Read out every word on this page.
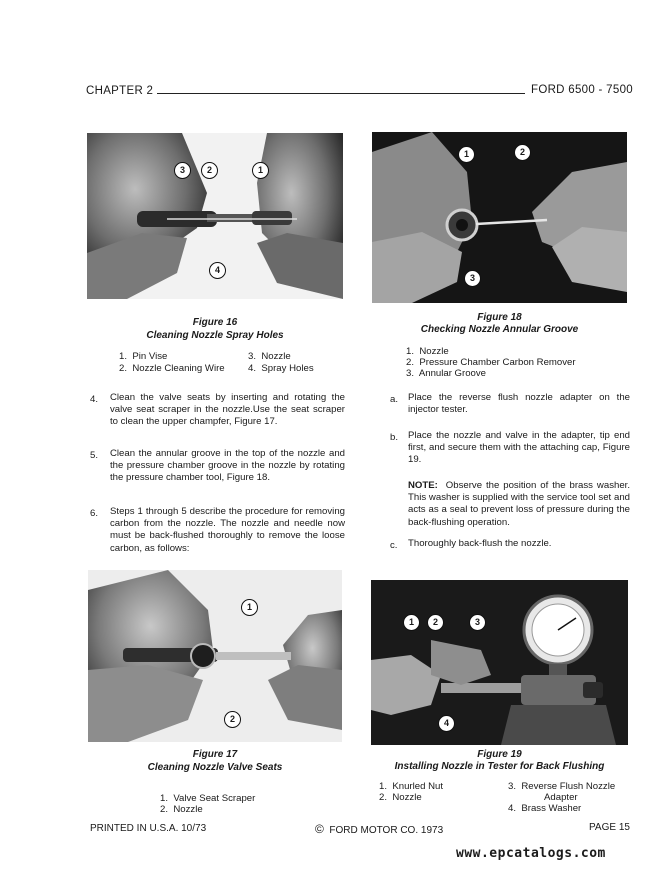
CHAPTER 2	FORD 6500 - 7500
3	2	1
4
Figure 16
Cleaning Nozzle Spray Holes
1. Pin Vise
2. Nozzle Cleaning Wire
3. Nozzle
4. Spray Holes
1	2
3
Figure 18
Checking Nozzle Annular Groove
1. Nozzle
2. Pressure Chamber Carbon Remover
3. Annular Groove
4. Clean the valve seats by inserting and rotating the valve seat scraper in the nozzle.Use the seat scraper to clean the upper champfer, Figure 17.
5. Clean the annular groove in the top of the nozzle and the pressure chamber groove in the nozzle by rotating the pressure chamber tool, Figure 18.
6. Steps 1 through 5 describe the procedure for removing carbon from the nozzle. The nozzle and needle now must be back-flushed thoroughly to remove the loose carbon, as follows:
a. Place the reverse flush nozzle adapter on the injector tester.
b. Place the nozzle and valve in the adapter, tip end first, and secure them with the attaching cap, Figure 19.
NOTE: Observe the position of the brass washer. This washer is supplied with the service tool set and acts as a seal to prevent loss of pressure during the back-flushing operation.
c. Thoroughly back-flush the nozzle.
1
2
Figure 17
Cleaning Nozzle Valve Seats
1. Valve Seat Scraper
2. Nozzle
1	2	3
4
Figure 19
Installing Nozzle in Tester for Back Flushing
1. Knurled Nut
2. Nozzle
3. Reverse Flush Nozzle
Adapter
4. Brass Washer
PRINTED IN U.S.A. 10/73	© FORD MOTOR CO. 1973	PAGE 15
www.epcatalogs.com
